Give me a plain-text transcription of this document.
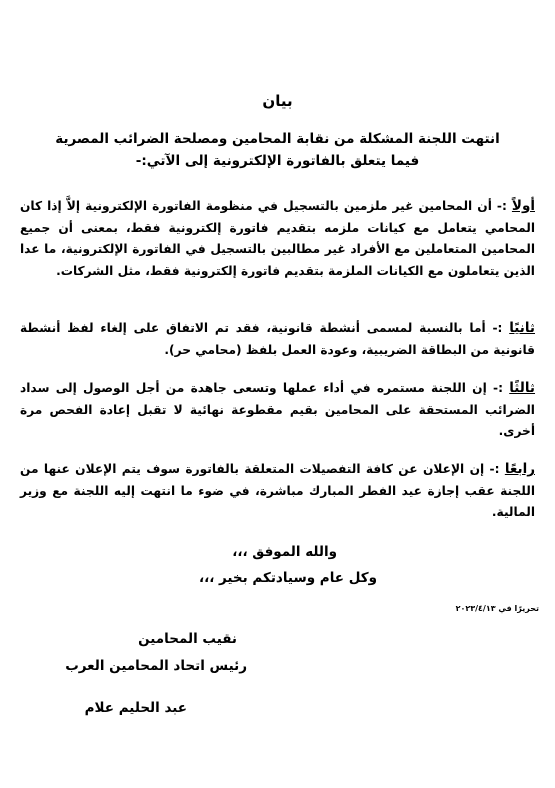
بيان
انتهت اللجنة المشكلة من نقابة المحامين ومصلحة الضرائب المصرية
فيما يتعلق بالفاتورة الإلكترونية إلى الآتي:-
أولاً :- أن المحامين غير ملزمين بالتسجيل في منظومة الفاتورة الإلكترونية إلاَّ إذا كان المحامي يتعامل مع كيانات ملزمه بتقديم فاتورة إلكترونية فقط، بمعنى أن جميع المحامين المتعاملين مع الأفراد غير مطالبين بالتسجيل في الفاتورة الإلكترونية، ما عدا الذين يتعاملون مع الكيانات الملزمة بتقديم فاتورة إلكترونية فقط، مثل الشركات.
ثانيًا :- أما بالنسبة لمسمى أنشطة قانونية، فقد تم الاتفاق على إلغاء لفظ أنشطة قانونية من البطاقة الضريبية، وعودة العمل بلفظ (محامي حر).
ثالثًا :- إن اللجنة مستمره في أداء عملها وتسعى جاهدة من أجل الوصول إلى سداد الضرائب المستحقة على المحامين بقيم مقطوعة نهائية لا تقبل إعادة الفحص مرة أخرى.
رابعًا :- إن الإعلان عن كافة التفصيلات المتعلقة بالفاتورة سوف يتم الإعلان عنها من اللجنة عقب إجازة عيد الفطر المبارك مباشرة، في ضوء ما انتهت إليه اللجنة مع وزير المالية.
والله الموفق ،،،
وكل عام وسيادتكم بخير ،،،
تحريرًا في ٢٠٢٣/٤/١٣
نقيب المحامين
رئيس اتحاد المحامين العرب
عبد الحليم علام
